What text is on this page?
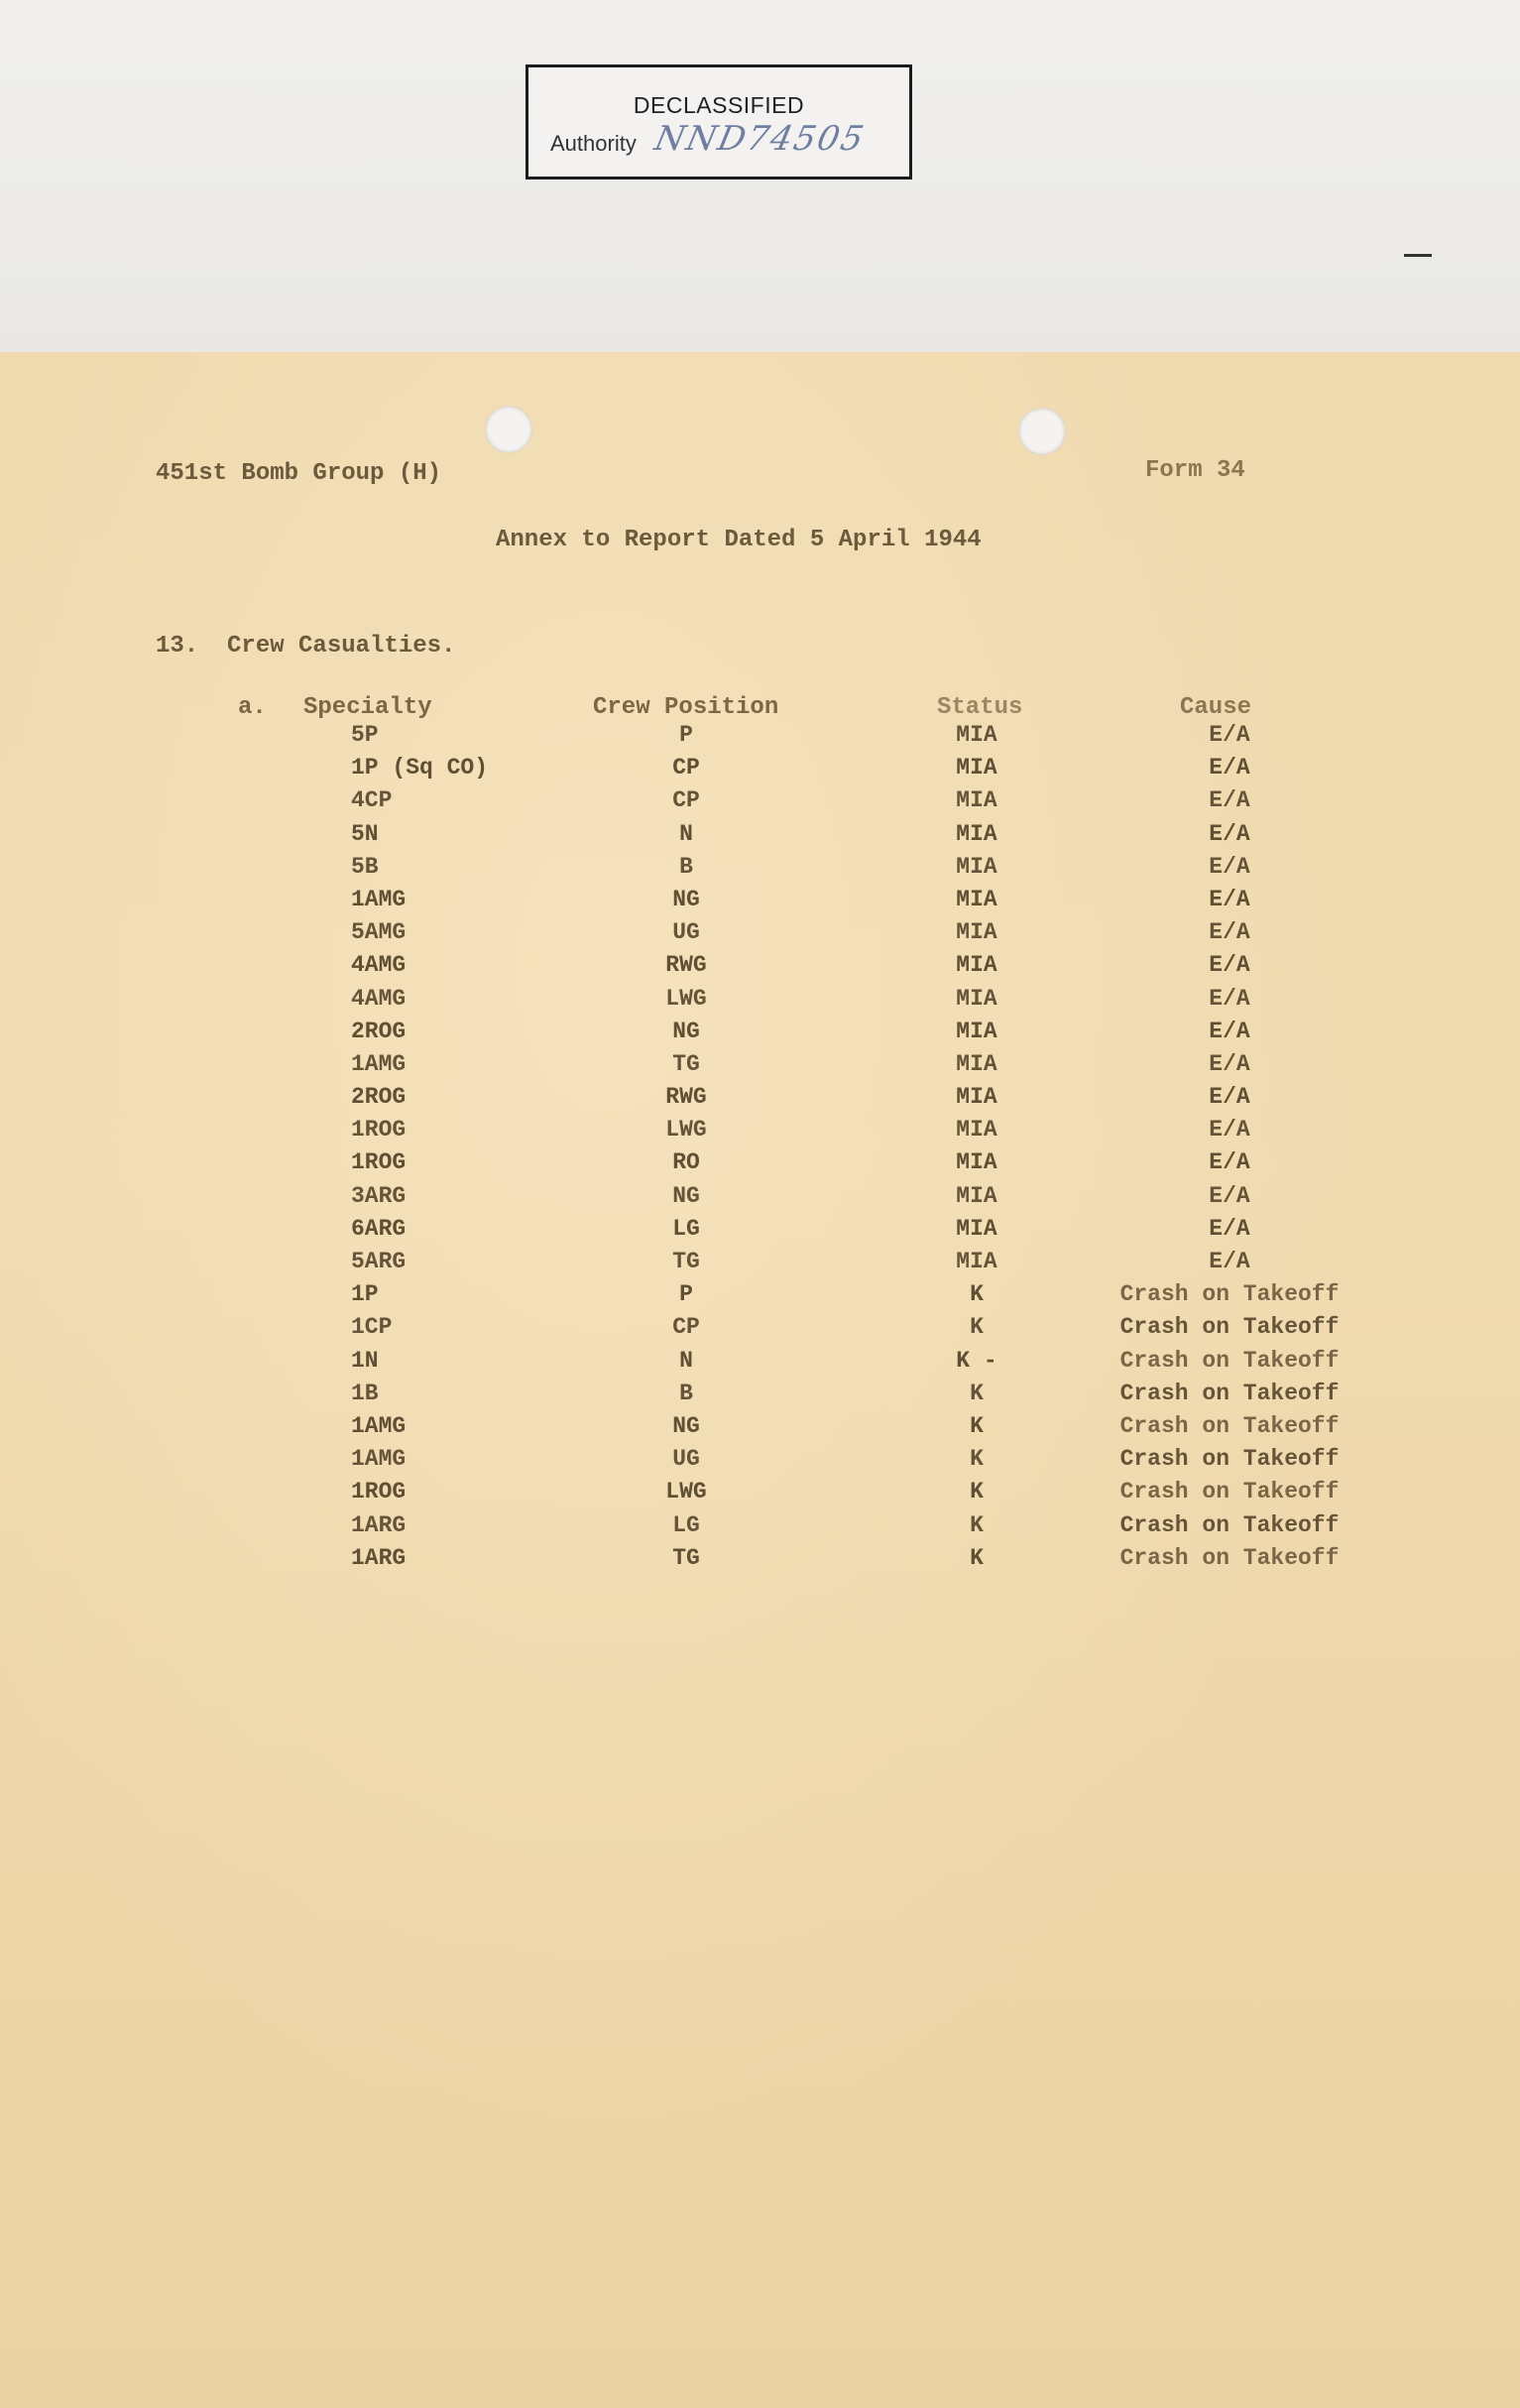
DECLASSIFIED
Authority NND74505
451st Bomb Group (H)	Form 34
Annex to Report Dated 5 April 1944
13.  Crew Casualties.
a. Specialty	Crew Position	Status	Cause
5P	P	MIA	E/A
1P (Sq CO)	CP	MIA	E/A
4CP	CP	MIA	E/A
5N	N	MIA	E/A
5B	B	MIA	E/A
1AMG	NG	MIA	E/A
5AMG	UG	MIA	E/A
4AMG	RWG	MIA	E/A
4AMG	LWG	MIA	E/A
2ROG	NG	MIA	E/A
1AMG	TG	MIA	E/A
2ROG	RWG	MIA	E/A
1ROG	LWG	MIA	E/A
1ROG	RO	MIA	E/A
3ARG	NG	MIA	E/A
6ARG	LG	MIA	E/A
5ARG	TG	MIA	E/A
1P	P	K	Crash on Takeoff
1CP	CP	K	Crash on Takeoff
1N	N	K -	Crash on Takeoff
1B	B	K	Crash on Takeoff
1AMG	NG	K	Crash on Takeoff
1AMG	UG	K	Crash on Takeoff
1ROG	LWG	K	Crash on Takeoff
1ARG	LG	K	Crash on Takeoff
1ARG	TG	K	Crash on Takeoff
